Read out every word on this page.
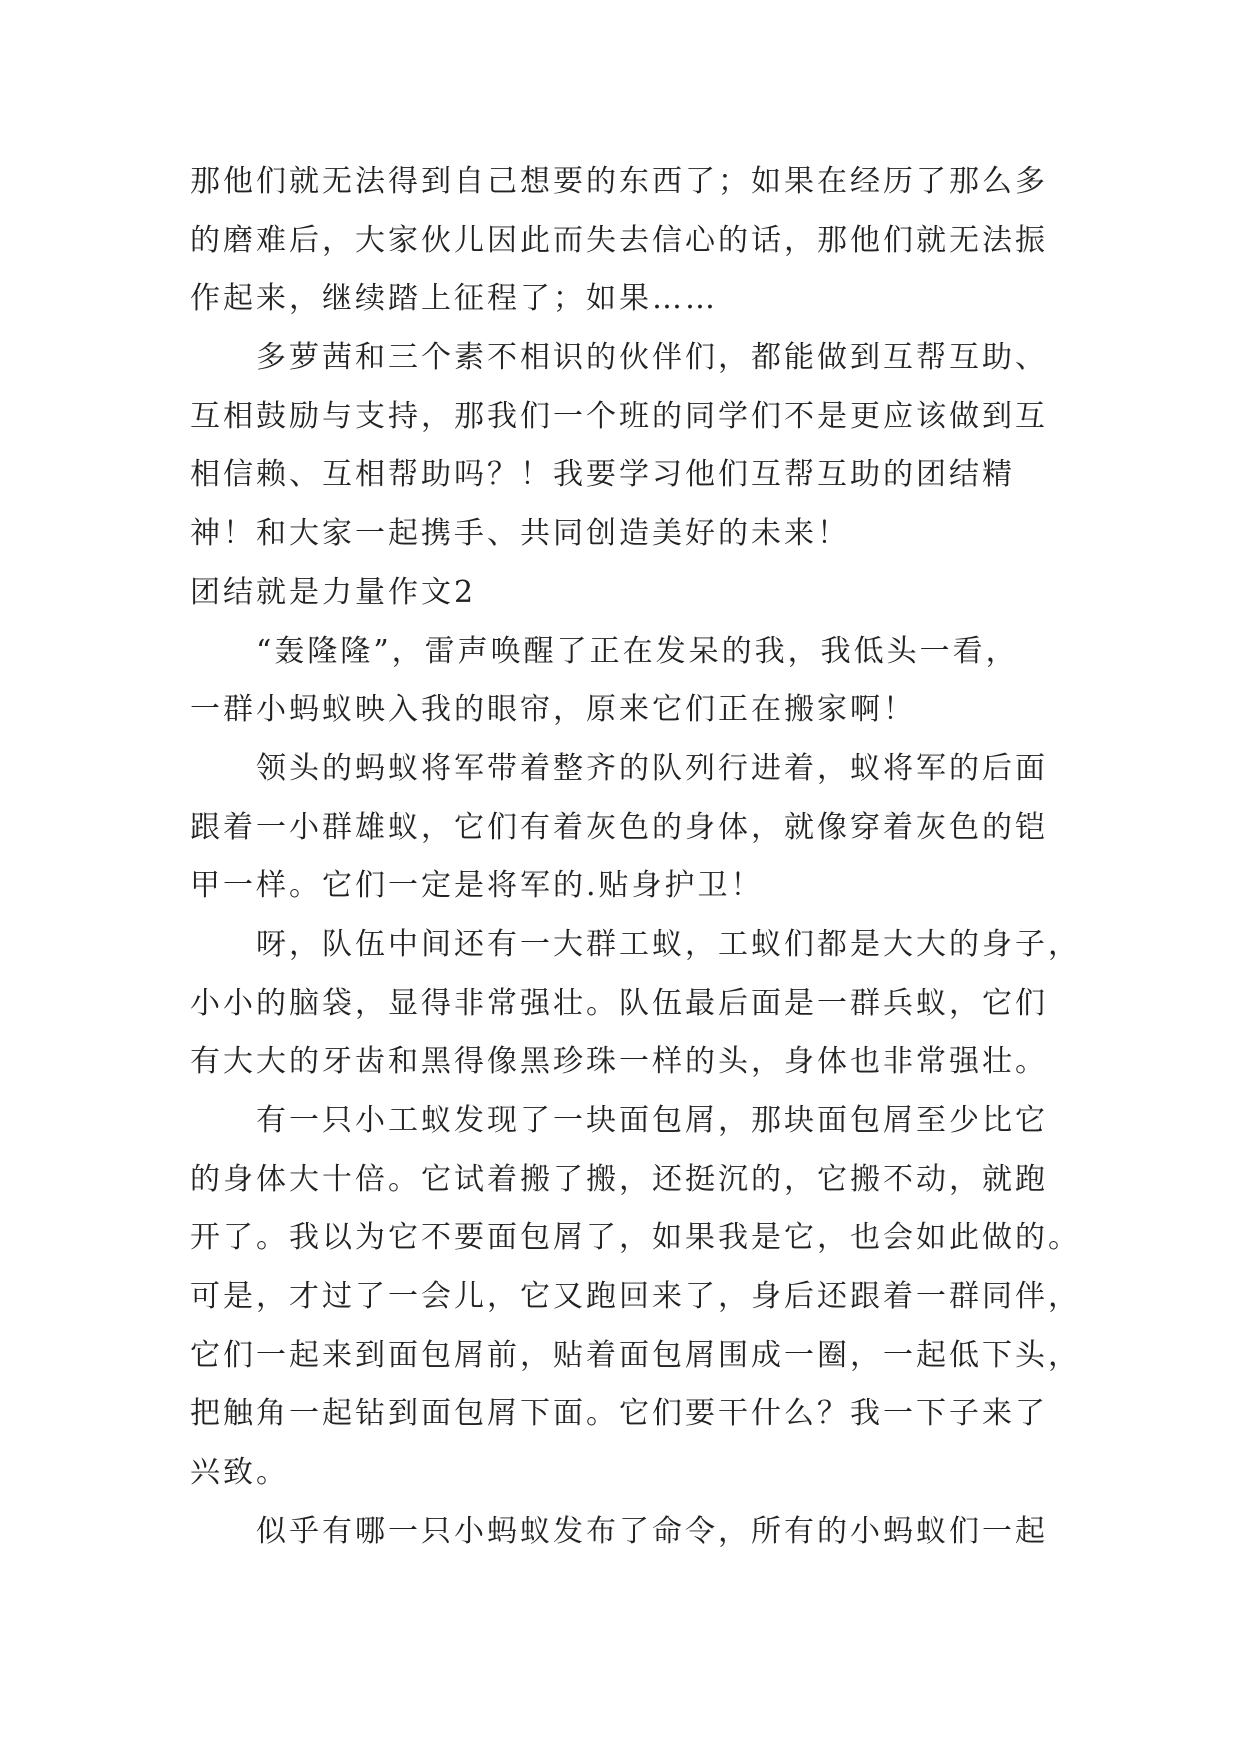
那他们就无法得到自己想要的东西了；如果在经历了那么多
的磨难后，大家伙儿因此而失去信心的话，那他们就无法振
作起来，继续踏上征程了；如果……
多萝茜和三个素不相识的伙伴们，都能做到互帮互助、
互相鼓励与支持，那我们一个班的同学们不是更应该做到互
相信赖、互相帮助吗？！我要学习他们互帮互助的团结精
神！和大家一起携手、共同创造美好的未来！
团结就是力量作文2
“轰隆隆”，雷声唤醒了正在发呆的我，我低头一看，
一群小蚂蚁映入我的眼帘，原来它们正在搬家啊！
领头的蚂蚁将军带着整齐的队列行进着，蚁将军的后面
跟着一小群雄蚁，它们有着灰色的身体，就像穿着灰色的铠
甲一样。它们一定是将军的.贴身护卫！
呀，队伍中间还有一大群工蚁，工蚁们都是大大的身子，
小小的脑袋，显得非常强壮。队伍最后面是一群兵蚁，它们
有大大的牙齿和黑得像黑珍珠一样的头，身体也非常强壮。
有一只小工蚁发现了一块面包屑，那块面包屑至少比它
的身体大十倍。它试着搬了搬，还挺沉的，它搬不动，就跑
开了。我以为它不要面包屑了，如果我是它，也会如此做的。
可是，才过了一会儿，它又跑回来了，身后还跟着一群同伴，
它们一起来到面包屑前，贴着面包屑围成一圈，一起低下头，
把触角一起钻到面包屑下面。它们要干什么？我一下子来了
兴致。
似乎有哪一只小蚂蚁发布了命令，所有的小蚂蚁们一起
